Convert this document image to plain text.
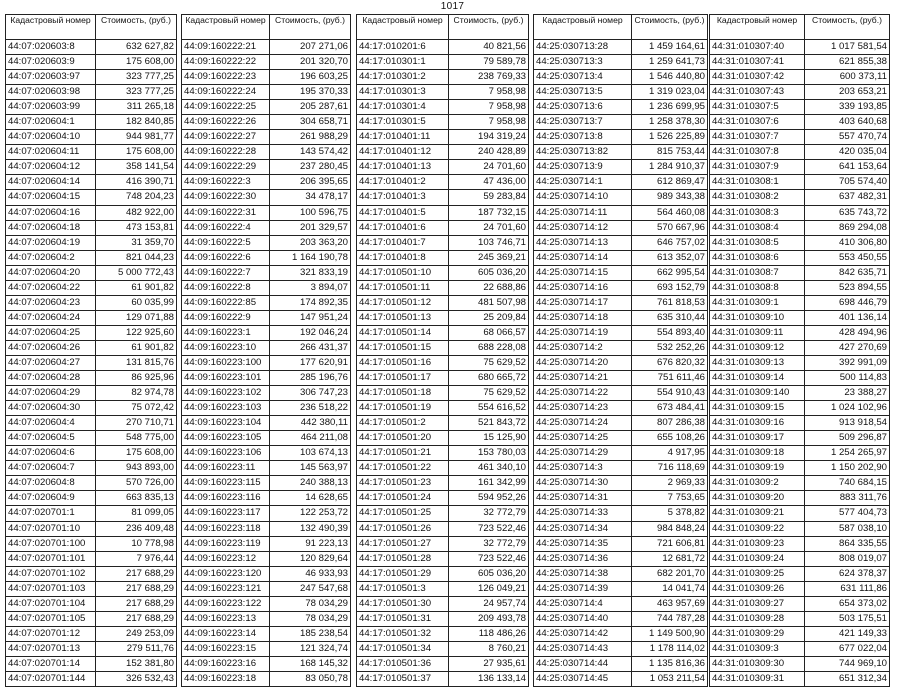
1017
Кадастровый номер	Стоимость, (руб.)
44:07:020603:8	632 627,82
44:07:020603:9	175 608,00
44:07:020603:97	323 777,25
44:07:020603:98	323 777,25
44:07:020603:99	311 265,18
44:07:020604:1	182 840,85
44:07:020604:10	944 981,77
44:07:020604:11	175 608,00
44:07:020604:12	358 141,54
44:07:020604:14	416 390,71
44:07:020604:15	748 204,23
44:07:020604:16	482 922,00
44:07:020604:18	473 153,81
44:07:020604:19	31 359,70
44:07:020604:2	821 044,23
44:07:020604:20	5 000 772,43
44:07:020604:22	61 901,82
44:07:020604:23	60 035,99
44:07:020604:24	129 071,88
44:07:020604:25	122 925,60
44:07:020604:26	61 901,82
44:07:020604:27	131 815,76
44:07:020604:28	86 925,96
44:07:020604:29	82 974,78
44:07:020604:30	75 072,42
44:07:020604:4	270 710,71
44:07:020604:5	548 775,00
44:07:020604:6	175 608,00
44:07:020604:7	943 893,00
44:07:020604:8	570 726,00
44:07:020604:9	663 835,13
44:07:020701:1	81 099,05
44:07:020701:10	236 409,48
44:07:020701:100	10 778,98
44:07:020701:101	7 976,44
44:07:020701:102	217 688,29
44:07:020701:103	217 688,29
44:07:020701:104	217 688,29
44:07:020701:105	217 688,29
44:07:020701:12	249 253,09
44:07:020701:13	279 511,76
44:07:020701:14	152 381,80
44:07:020701:144	326 532,43
Кадастровый номер	Стоимость, (руб.)
44:09:160222:21	207 271,06
44:09:160222:22	201 320,70
44:09:160222:23	196 603,25
44:09:160222:24	195 370,33
44:09:160222:25	205 287,61
44:09:160222:26	304 658,71
44:09:160222:27	261 988,29
44:09:160222:28	143 574,42
44:09:160222:29	237 280,45
44:09:160222:3	206 395,65
44:09:160222:30	34 478,17
44:09:160222:31	100 596,75
44:09:160222:4	201 329,57
44:09:160222:5	203 363,20
44:09:160222:6	1 164 190,78
44:09:160222:7	321 833,19
44:09:160222:8	3 894,07
44:09:160222:85	174 892,35
44:09:160222:9	147 951,24
44:09:160223:1	192 046,24
44:09:160223:10	266 431,37
44:09:160223:100	177 620,91
44:09:160223:101	285 196,76
44:09:160223:102	306 747,23
44:09:160223:103	236 518,22
44:09:160223:104	442 380,11
44:09:160223:105	464 211,08
44:09:160223:106	103 674,13
44:09:160223:11	145 563,97
44:09:160223:115	240 388,13
44:09:160223:116	14 628,65
44:09:160223:117	122 253,72
44:09:160223:118	132 490,39
44:09:160223:119	91 223,13
44:09:160223:12	120 829,64
44:09:160223:120	46 933,93
44:09:160223:121	247 547,68
44:09:160223:122	78 034,29
44:09:160223:13	78 034,29
44:09:160223:14	185 238,54
44:09:160223:15	121 324,74
44:09:160223:16	168 145,32
44:09:160223:18	83 050,78
Кадастровый номер	Стоимость, (руб.)
44:17:010201:6	40 821,56
44:17:010301:1	79 589,78
44:17:010301:2	238 769,33
44:17:010301:3	7 958,98
44:17:010301:4	7 958,98
44:17:010301:5	7 958,98
44:17:010401:11	194 319,24
44:17:010401:12	240 428,89
44:17:010401:13	24 701,60
44:17:010401:2	47 436,00
44:17:010401:3	59 283,84
44:17:010401:5	187 732,15
44:17:010401:6	24 701,60
44:17:010401:7	103 746,71
44:17:010401:8	245 369,21
44:17:010501:10	605 036,20
44:17:010501:11	22 688,86
44:17:010501:12	481 507,98
44:17:010501:13	25 209,84
44:17:010501:14	68 066,57
44:17:010501:15	688 228,08
44:17:010501:16	75 629,52
44:17:010501:17	680 665,72
44:17:010501:18	75 629,52
44:17:010501:19	554 616,52
44:17:010501:2	521 843,72
44:17:010501:20	15 125,90
44:17:010501:21	153 780,03
44:17:010501:22	461 340,10
44:17:010501:23	161 342,99
44:17:010501:24	594 952,26
44:17:010501:25	32 772,79
44:17:010501:26	723 522,46
44:17:010501:27	32 772,79
44:17:010501:28	723 522,46
44:17:010501:29	605 036,20
44:17:010501:3	126 049,21
44:17:010501:30	24 957,74
44:17:010501:31	209 493,78
44:17:010501:32	118 486,26
44:17:010501:34	8 760,21
44:17:010501:36	27 935,61
44:17:010501:37	136 133,14
Кадастровый номер	Стоимость, (руб.)
44:25:030713:28	1 459 164,61
44:25:030713:3	1 259 641,73
44:25:030713:4	1 546 440,80
44:25:030713:5	1 319 023,04
44:25:030713:6	1 236 699,95
44:25:030713:7	1 258 378,30
44:25:030713:8	1 526 225,89
44:25:030713:82	815 753,44
44:25:030713:9	1 284 910,37
44:25:030714:1	612 869,47
44:25:030714:10	989 343,38
44:25:030714:11	564 460,08
44:25:030714:12	570 667,96
44:25:030714:13	646 757,02
44:25:030714:14	613 352,07
44:25:030714:15	662 995,54
44:25:030714:16	693 152,79
44:25:030714:17	761 818,53
44:25:030714:18	635 310,44
44:25:030714:19	554 893,40
44:25:030714:2	532 252,26
44:25:030714:20	676 820,32
44:25:030714:21	751 611,46
44:25:030714:22	554 910,43
44:25:030714:23	673 484,41
44:25:030714:24	807 286,38
44:25:030714:25	655 108,26
44:25:030714:29	4 917,95
44:25:030714:3	716 118,69
44:25:030714:30	2 969,33
44:25:030714:31	7 753,65
44:25:030714:33	5 378,82
44:25:030714:34	984 848,24
44:25:030714:35	721 606,81
44:25:030714:36	12 681,72
44:25:030714:38	682 201,70
44:25:030714:39	14 041,74
44:25:030714:4	463 957,69
44:25:030714:40	744 787,28
44:25:030714:42	1 149 500,90
44:25:030714:43	1 178 114,02
44:25:030714:44	1 135 816,36
44:25:030714:45	1 053 211,54
Кадастровый номер	Стоимость, (руб.)
44:31:010307:40	1 017 581,54
44:31:010307:41	621 855,38
44:31:010307:42	600 373,11
44:31:010307:43	203 653,21
44:31:010307:5	339 193,85
44:31:010307:6	403 640,68
44:31:010307:7	557 470,74
44:31:010307:8	420 035,04
44:31:010307:9	641 153,64
44:31:010308:1	705 574,40
44:31:010308:2	637 482,31
44:31:010308:3	635 743,72
44:31:010308:4	869 294,08
44:31:010308:5	410 306,80
44:31:010308:6	553 450,55
44:31:010308:7	842 635,71
44:31:010308:8	523 894,55
44:31:010309:1	698 446,79
44:31:010309:10	401 136,14
44:31:010309:11	428 494,96
44:31:010309:12	427 270,69
44:31:010309:13	392 991,09
44:31:010309:14	500 114,83
44:31:010309:140	23 388,27
44:31:010309:15	1 024 102,96
44:31:010309:16	913 918,54
44:31:010309:17	509 296,87
44:31:010309:18	1 254 265,97
44:31:010309:19	1 150 202,90
44:31:010309:2	740 684,15
44:31:010309:20	883 311,76
44:31:010309:21	577 404,73
44:31:010309:22	587 038,10
44:31:010309:23	864 335,55
44:31:010309:24	808 019,07
44:31:010309:25	624 378,37
44:31:010309:26	631 111,86
44:31:010309:27	654 373,02
44:31:010309:28	503 175,51
44:31:010309:29	421 149,33
44:31:010309:3	677 022,04
44:31:010309:30	744 969,10
44:31:010309:31	651 312,34
